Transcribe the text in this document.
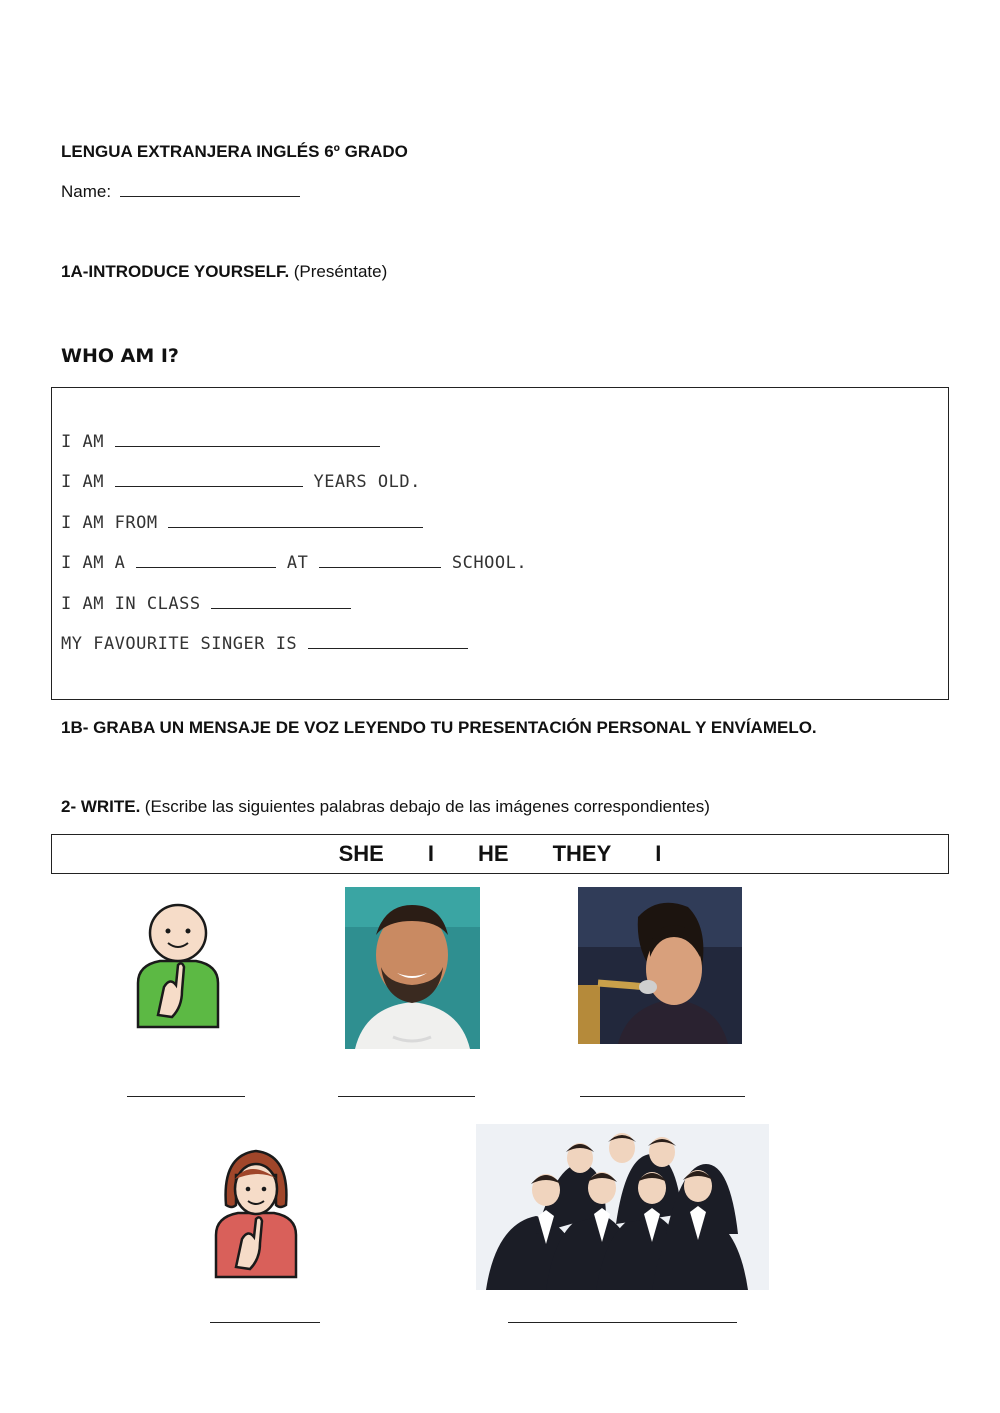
LENGUA EXTRANJERA INGLÉS 6º GRADO
Name:
1A-INTRODUCE YOURSELF. (Preséntate)
WHO AM I?
I AM
I AM	YEARS OLD.
I AM FROM
I AM A	AT	SCHOOL.
I AM IN CLASS
MY FAVOURITE SINGER IS
1B- GRABA UN MENSAJE DE VOZ LEYENDO TU PRESENTACIÓN PERSONAL Y ENVÍAMELO.
2- WRITE. (Escribe las siguientes palabras debajo de las imágenes correspondientes)
SHE I HE THEY I
